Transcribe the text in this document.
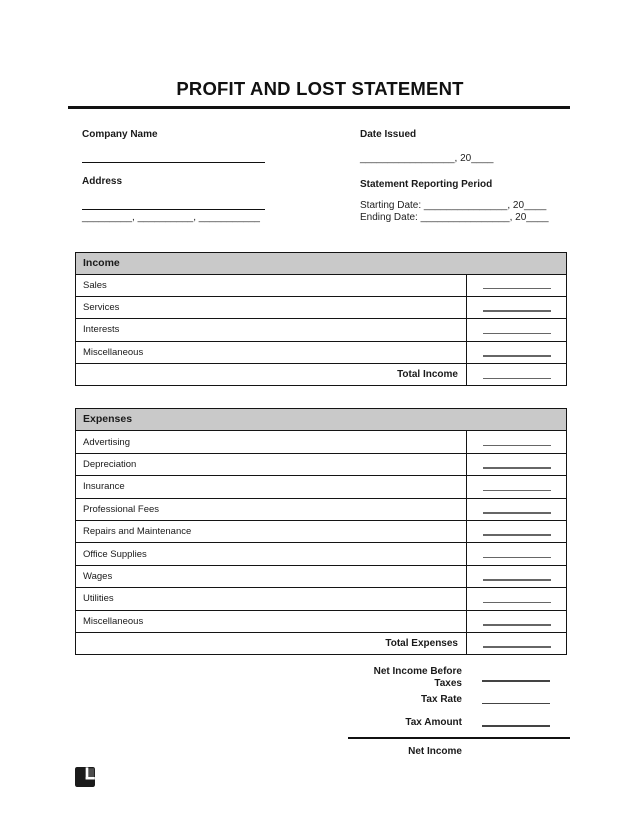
PROFIT AND LOST STATEMENT
Company Name
Address
_________, __________, ___________
Date Issued
_________________, 20____
Statement Reporting Period
Starting Date: _______________, 20____
Ending Date: ________________, 20____
Income
Sales
Services
Interests
Miscellaneous
Total Income
Expenses
Advertising
Depreciation
Insurance
Professional Fees
Repairs and Maintenance
Office Supplies
Wages
Utilities
Miscellaneous
Total Expenses
Net Income Before Taxes
Tax Rate
Tax Amount
Net Income
